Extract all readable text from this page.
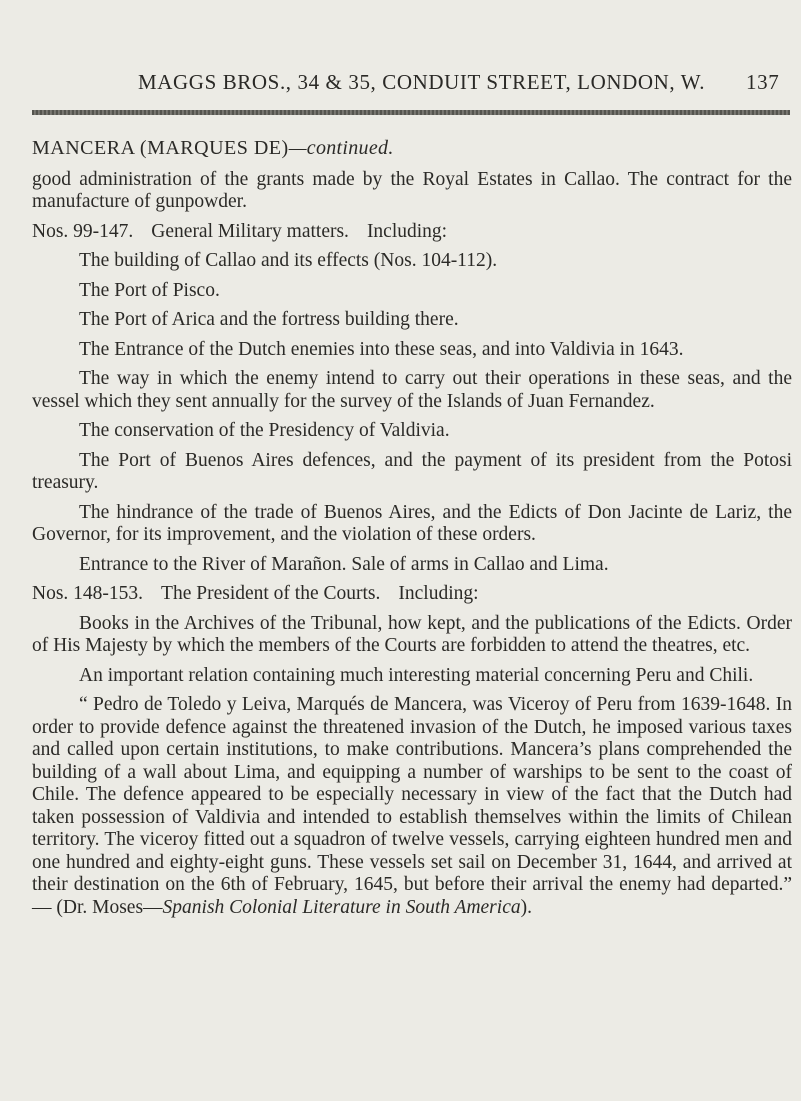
MAGGS BROS., 34 & 35, CONDUIT STREET, LONDON, W. 137
MANCERA (MARQUES DE)—continued.

good administration of the grants made by the Royal Estates in Callao. The contract for the manufacture of gunpowder.

Nos. 99-147. General Military matters. Including:

The building of Callao and its effects (Nos. 104-112).

The Port of Pisco.

The Port of Arica and the fortress building there.

The Entrance of the Dutch enemies into these seas, and into Valdivia in 1643.

The way in which the enemy intend to carry out their operations in these seas, and the vessel which they sent annually for the survey of the Islands of Juan Fernandez.

The conservation of the Presidency of Valdivia.

The Port of Buenos Aires defences, and the payment of its president from the Potosi treasury.

The hindrance of the trade of Buenos Aires, and the Edicts of Don Jacinte de Lariz, the Governor, for its improvement, and the violation of these orders.

Entrance to the River of Marañon. Sale of arms in Callao and Lima.

Nos. 148-153. The President of the Courts. Including:

Books in the Archives of the Tribunal, how kept, and the publications of the Edicts. Order of His Majesty by which the members of the Courts are forbidden to attend the theatres, etc.

An important relation containing much interesting material concerning Peru and Chili.

“ Pedro de Toledo y Leiva, Marqués de Mancera, was Viceroy of Peru from 1639-1648. In order to provide defence against the threatened invasion of the Dutch, he imposed various taxes and called upon certain institutions, to make contributions. Mancera’s plans comprehended the building of a wall about Lima, and equipping a number of warships to be sent to the coast of Chile. The defence appeared to be especially necessary in view of the fact that the Dutch had taken possession of Valdivia and intended to establish themselves within the limits of Chilean territory. The viceroy fitted out a squadron of twelve vessels, carrying eighteen hundred men and one hundred and eighty-eight guns. These vessels set sail on December 31, 1644, and arrived at their destination on the 6th of February, 1645, but before their arrival the enemy had departed.” — (Dr. Moses—Spanish Colonial Literature in South America).
